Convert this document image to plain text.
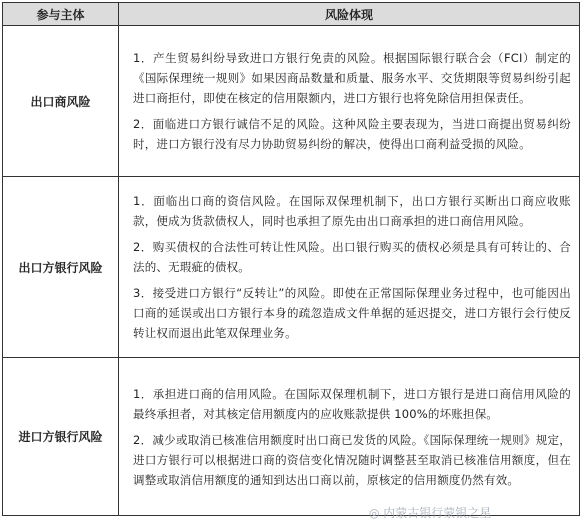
参与主体	风险体现
出口商风险	1．产生贸易纠纷导致进口方银行免责的风险。根据国际银行联合会（FCI）制定的《国际保理统一规则》如果因商品数量和质量、服务水平、交货期限等贸易纠纷引起进口商拒付，即使在核定的信用限额内，进口方银行也将免除信用担保责任。

2．面临进口方银行诚信不足的风险。这种风险主要表现为，当进口商提出贸易纠纷时，进口方银行没有尽力协助贸易纠纷的解决，使得出口商利益受损的风险。

出口方银行风险	1．面临出口商的资信风险。在国际双保理机制下，出口方银行买断出口商应收账款，便成为货款债权人，同时也承担了原先由出口商承担的进口商信用风险。

2．购买债权的合法性可转让性风险。出口银行购买的债权必须是具有可转让的、合法的、无瑕疵的债权。

3．接受进口方银行“反转让”的风险。即使在正常国际保理业务过程中，也可能因出口商的延误或出口方银行本身的疏忽造成文件单据的延迟提交，进口方银行会行使反转让权而退出此笔双保理业务。

进口方银行风险	1．承担进口商的信用风险。在国际双保理机制下，进口方银行是进口商信用风险的最终承担者，对其核定信用额度内的应收账款提供 100%的坏账担保。

2．减少或取消已核准信用额度时出口商已发货的风险。《国际保理统一规则》规定，进口方银行可以根据进口商的资信变化情况随时调整甚至取消已核准信用额度，但在调整或取消信用额度的通知到达出口商以前，原核定的信用额度仍然有效。

◎ 内蒙古银行蒙银之星
